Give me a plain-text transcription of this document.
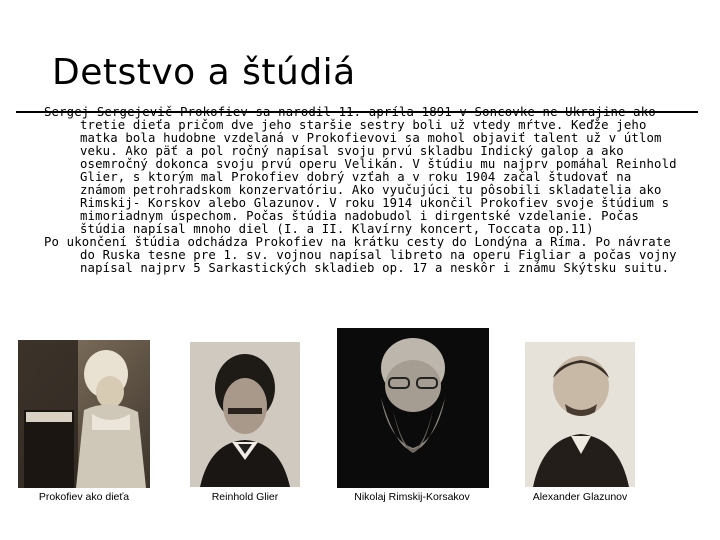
Detstvo a štúdiá

Sergej Sergejevič Prokofiev sa narodil 11. apríla 1891 v Soncovke ne Ukrajine ako tretie dieťa pričom dve jeho staršie sestry boli už vtedy mŕtve. Keďže jeho matka bola hudobne vzdelaná v Prokofievovi sa mohol objaviť talent už v útlom veku. Ako päť a pol ročný napísal svoju prvú skladbu Indický galop a ako osemročný dokonca svoju prvú operu Velikán. V štúdiu mu najprv pomáhal Reinhold Glier, s ktorým mal Prokofiev dobrý vzťah a v roku 1904 začal študovať na známom petrohradskom konzervatóriu. Ako vyučujúci tu pôsobili skladatelia ako Rimskij- Korskov alebo Glazunov. V roku 1914 ukončil Prokofiev svoje štúdium s mimoriadnym úspechom. Počas štúdia nadobudol i dirgentské vzdelanie. Počas štúdia napísal mnoho diel (I. a II. Klavírny koncert, Toccata op.11)

Po ukončení štúdia odchádza Prokofiev na krátku cesty do Londýna a Ríma. Po návrate do Ruska tesne pre 1. sv. vojnou napísal libreto na operu Figliar a počas vojny napísal najprv 5 Sarkastických skladieb op. 17 a neskôr i známu Skýtsku suitu.

Prokofiev ako dieťa	Reinhold Glier	Nikolaj Rimskij-Korsakov	Alexander Glazunov
